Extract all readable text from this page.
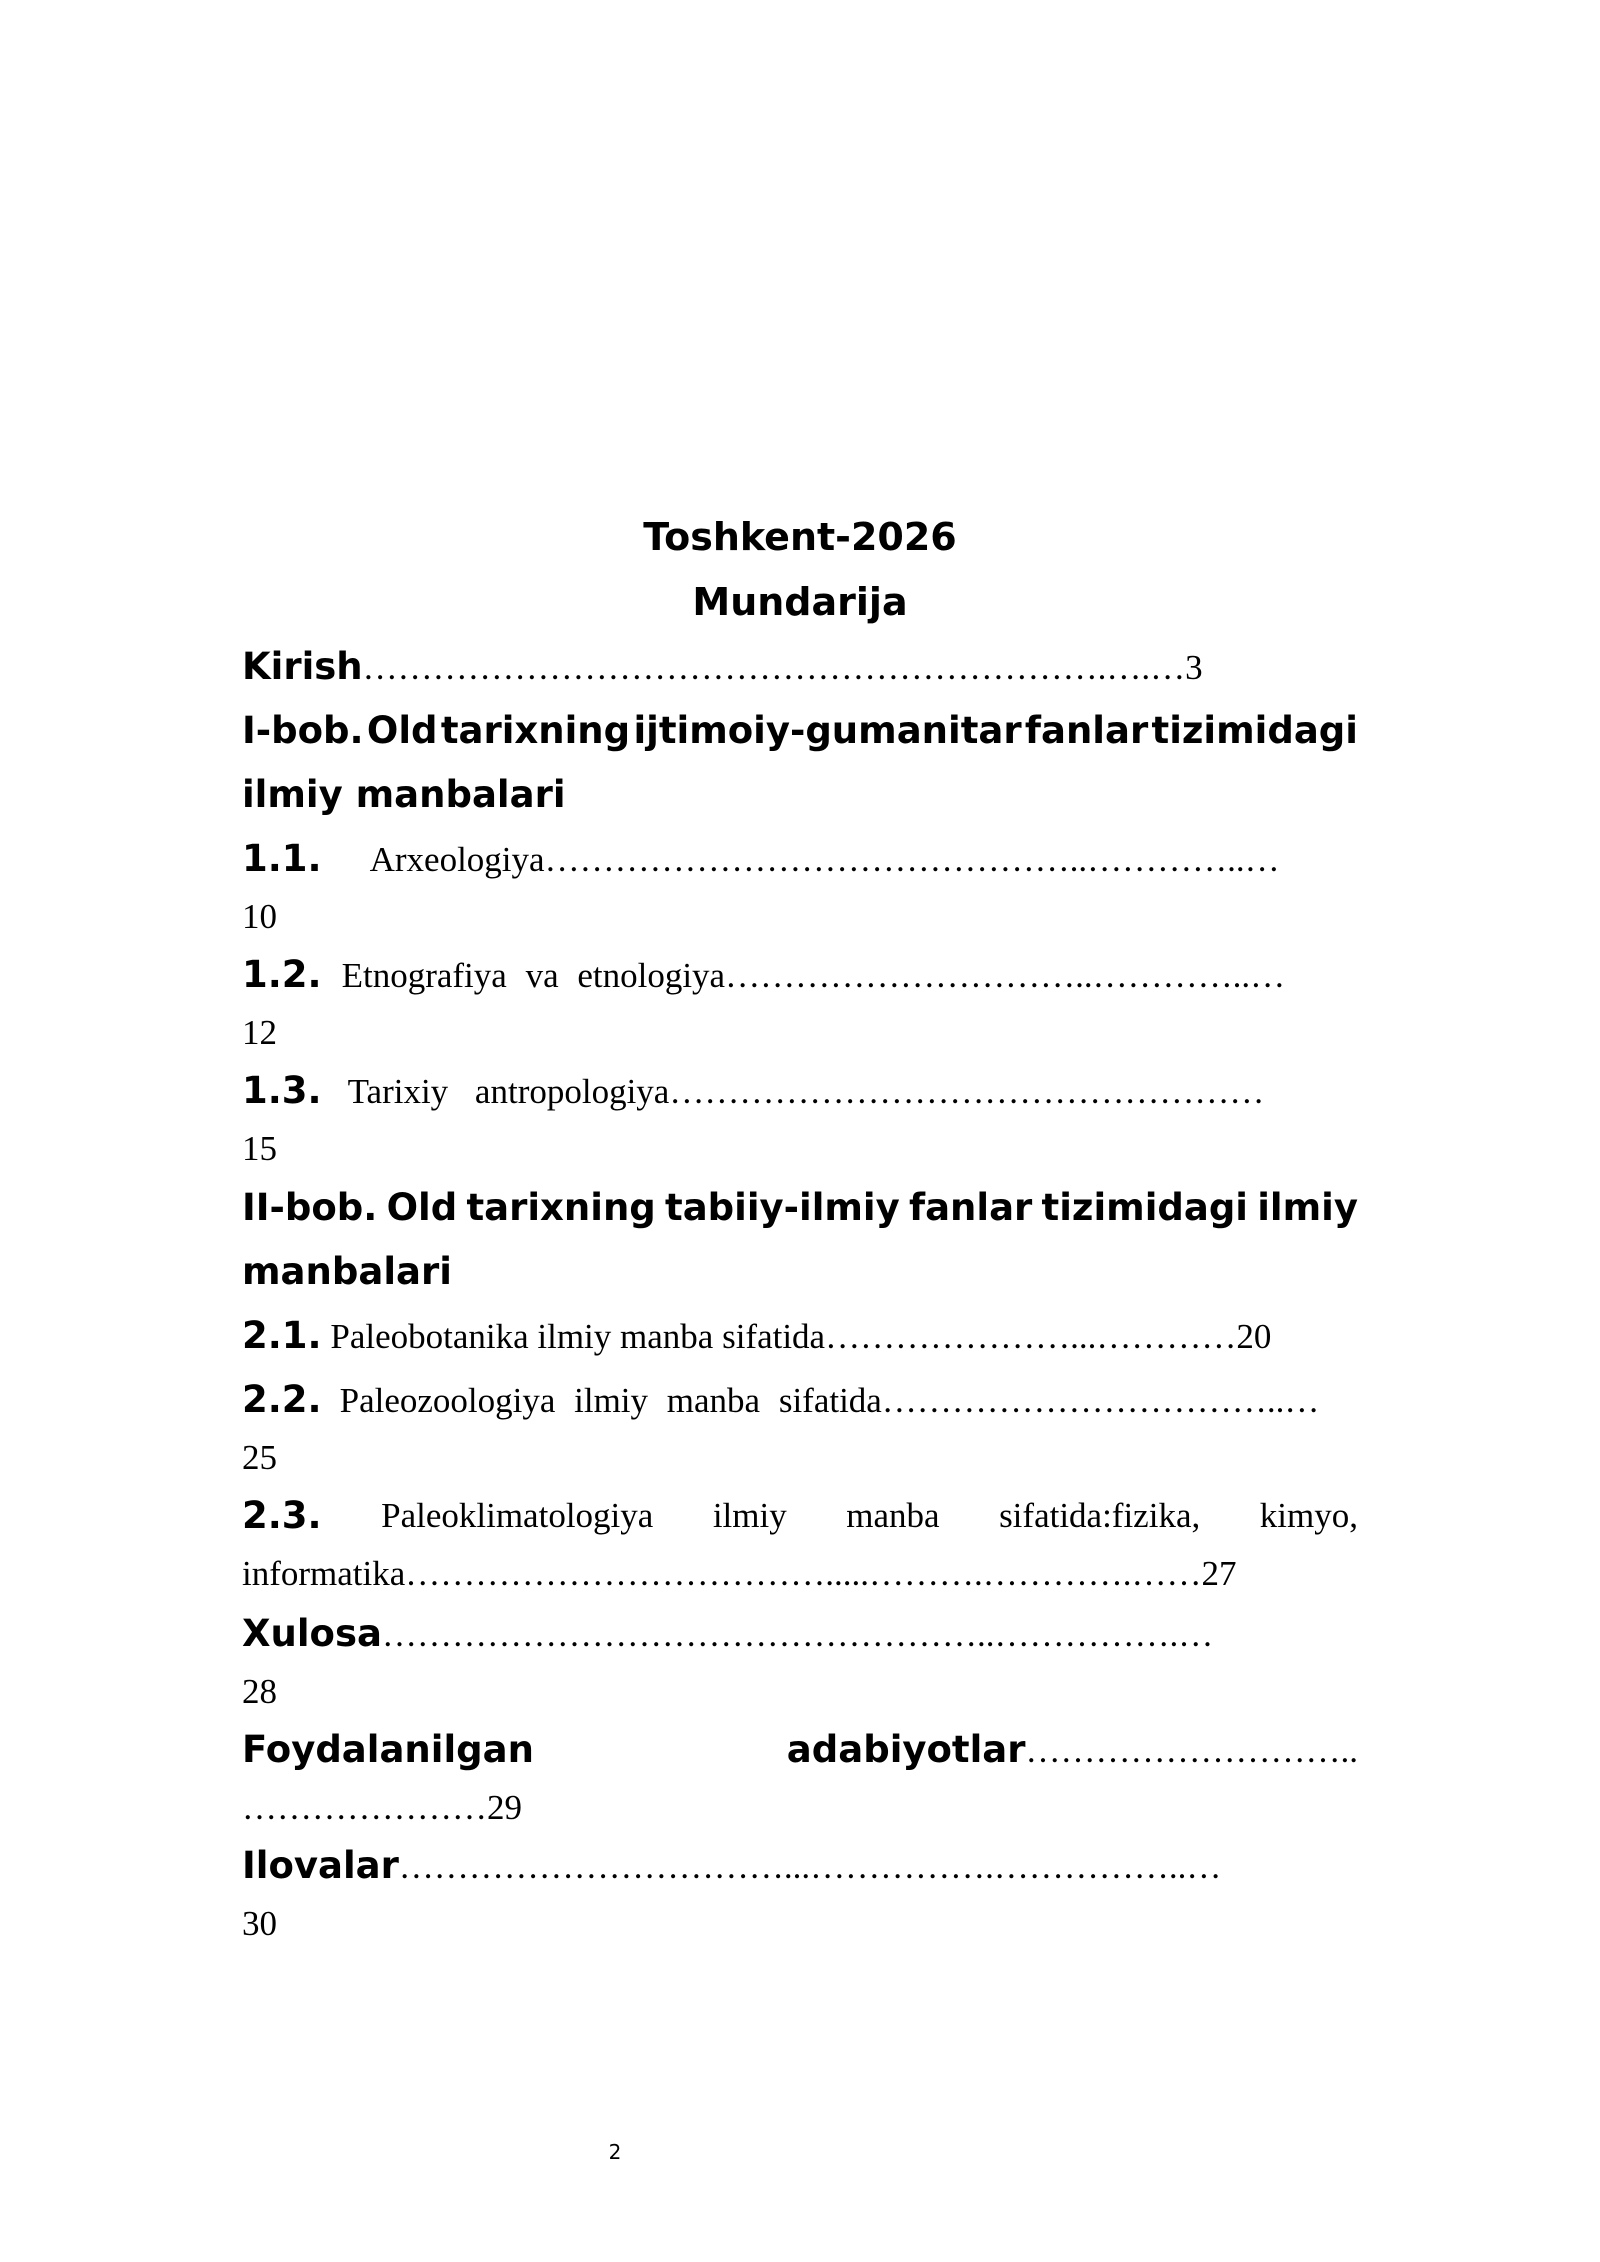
Toshkent-2026
Mundarija
Kirish……………………………………………………….….…3
I-bob. Old tarixning ijtimoiy-gumanitar fanlar tizimidagi
ilmiy manbalari
1.1. Arxeologiya………………………………………..…………..…
10
1.2. Etnografiya va etnologiya…………………………..…………..…
12
1.3. Tarixiy antropologiya……………………………………………
15
II-bob. Old tarixning tabiiy-ilmiy fanlar tizimidagi ilmiy
manbalari
2.1. Paleobotanika ilmiy manba sifatida…………………...…………20
2.2. Paleozoologiya ilmiy manba sifatida……………………………..…
25
2.3. Paleoklimatologiya ilmiy manba sifatida:fizika, kimyo,
informatika……………………………….....……….………….……27
Xulosa……………………………………………..…………….…
28
Foydalanilgan	adabiyotlar………………………..
…………………29
Ilovalar……………………………...…………….……………..…
30
2
